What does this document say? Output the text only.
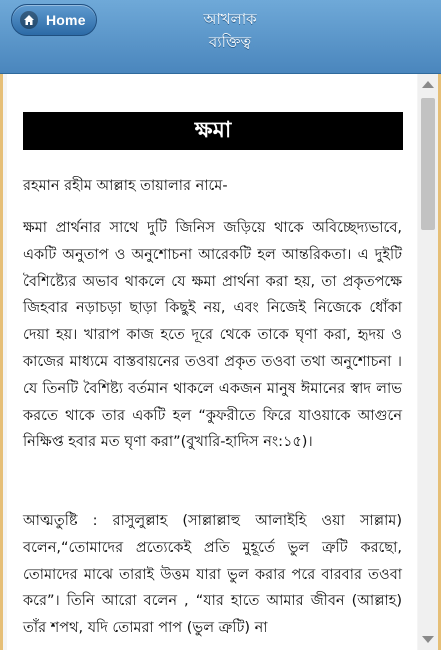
Home	আখলাক
ব্যক্তিত্ব
ক্ষমা

রহমান রহীম আল্লাহ তায়ালার নামে-

ক্ষমা প্রার্থনার সাথে দুটি জিনিস জড়িয়ে থাকে অবিচ্ছেদ্যভাবে, একটি অনুতাপ ও অনুশোচনা আরেকটি হল আন্তরিকতা। এ দুইটি বৈশিষ্ট্যের অভাব থাকলে যে ক্ষমা প্রার্থনা করা হয়, তা প্রকৃতপক্ষে জিহবার নড়াচড়া ছাড়া কিছুই নয়, এবং নিজেই নিজেকে ধোঁকা দেয়া হয়। খারাপ কাজ হতে দূরে থেকে তাকে ঘৃণা করা, হৃদয় ও কাজের মাধ্যমে বাস্তবায়নের তওবা প্রকৃত তওবা তথা অনুশোচনা । যে তিনটি বৈশিষ্ট্য বর্তমান থাকলে একজন মানুষ ঈমানের স্বাদ লাভ করতে থাকে তার একটি হল “কুফরীতে ফিরে যাওয়াকে আগুনে নিক্ষিপ্ত হবার মত ঘৃণা করা”(বুখারি-হাদিস নং:১৫)।

আত্মতুষ্টি : রাসুলুল্লাহ (সাল্লাল্লাহু আলাইহি ওয়া সাল্লাম) বলেন,“তোমাদের প্রত্যেকেই প্রতি মুহূর্তে ভুল ত্রুটি করছো, তোমাদের মাঝে তারাই উত্তম যারা ভুল করার পরে বারবার তওবা করে”। তিনি আরো বলেন , “যার হাতে আমার জীবন (আল্লাহ) তাঁর শপথ, যদি তোমরা পাপ (ভুল ত্রুটি) না
